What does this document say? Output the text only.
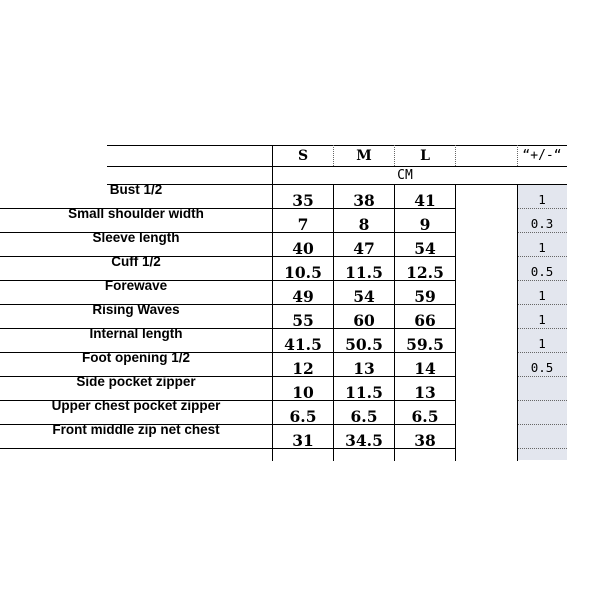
S	M	L	“+/-“
CM
Bust 1/2
35	38	41	1
Small shoulder width
7	8	9	0.3
Sleeve length
40	47	54	1
Cuff 1/2
10.5	11.5	12.5	0.5
Forewave
49	54	59	1
Rising Waves
55	60	66	1
Internal length
41.5	50.5	59.5	1
Foot opening 1/2
12	13	14	0.5
Side pocket zipper
10	11.5	13
Upper chest pocket zipper
6.5	6.5	6.5
Front middle zip net chest
31	34.5	38
